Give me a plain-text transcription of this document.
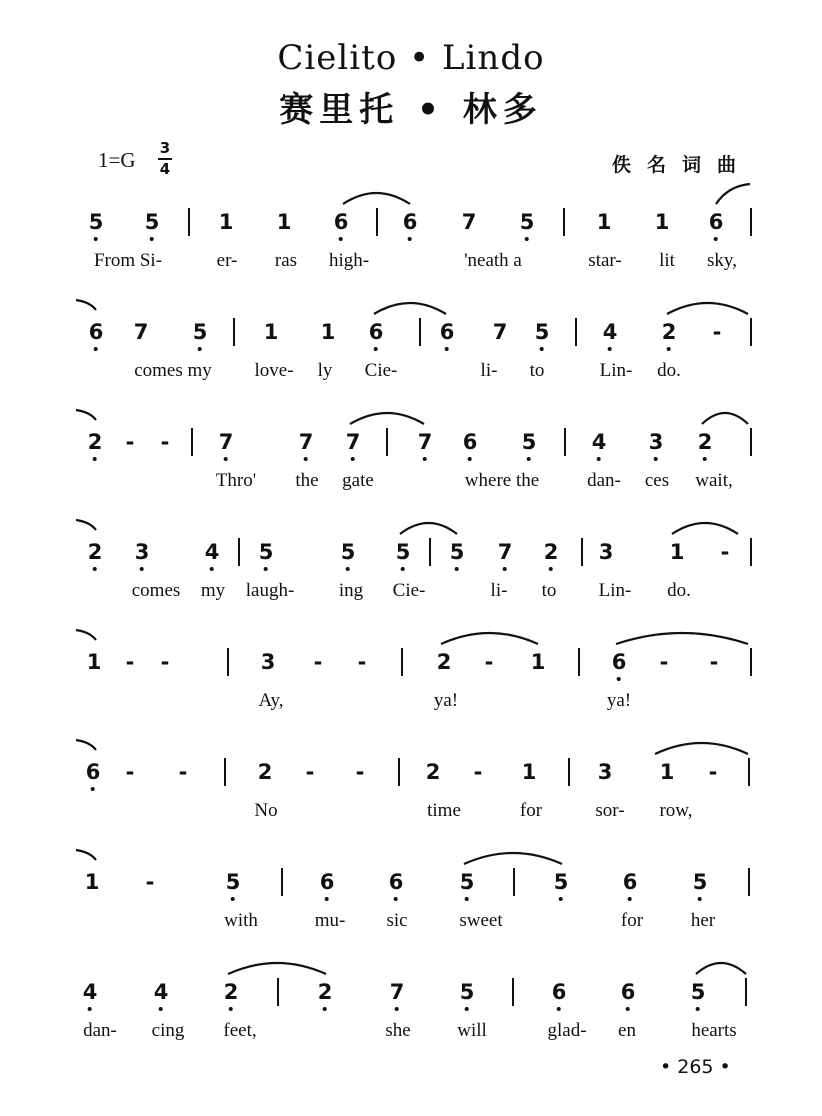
Cielito • Lindo
赛里托 • 林多
1=G 3
4	佚名词曲
5 5	1 1 6	6 7 5	1 1 6
From Si-	er- ras high-	'neath a	star- lit sky,
6 7 5	1 1 6	6 7 5	4 2 -
comes my love- ly Cie-	li- to	Lin- do.
2 - - 7	7 7	7 6 5	4 3 2
Thro' the gate	where the	dan- ces wait,
2 3	4 5	5 5 5 7 2 3	1 -
comes my laugh- ing Cie-	li- to Lin- do.
1 - -	3 - -	2 - 1	6 - -
Ay,	ya!	ya!
6 - -	2 - -	2 - 1	3 1 -
No	time	for	sor- row,
1 -	5	6	6	5	5	6	5
with	mu- sic	sweet	for	her
4	4	2	2	7	5	6	6	5
dan- cing feet,	she will	glad- en	hearts
• 265 •
